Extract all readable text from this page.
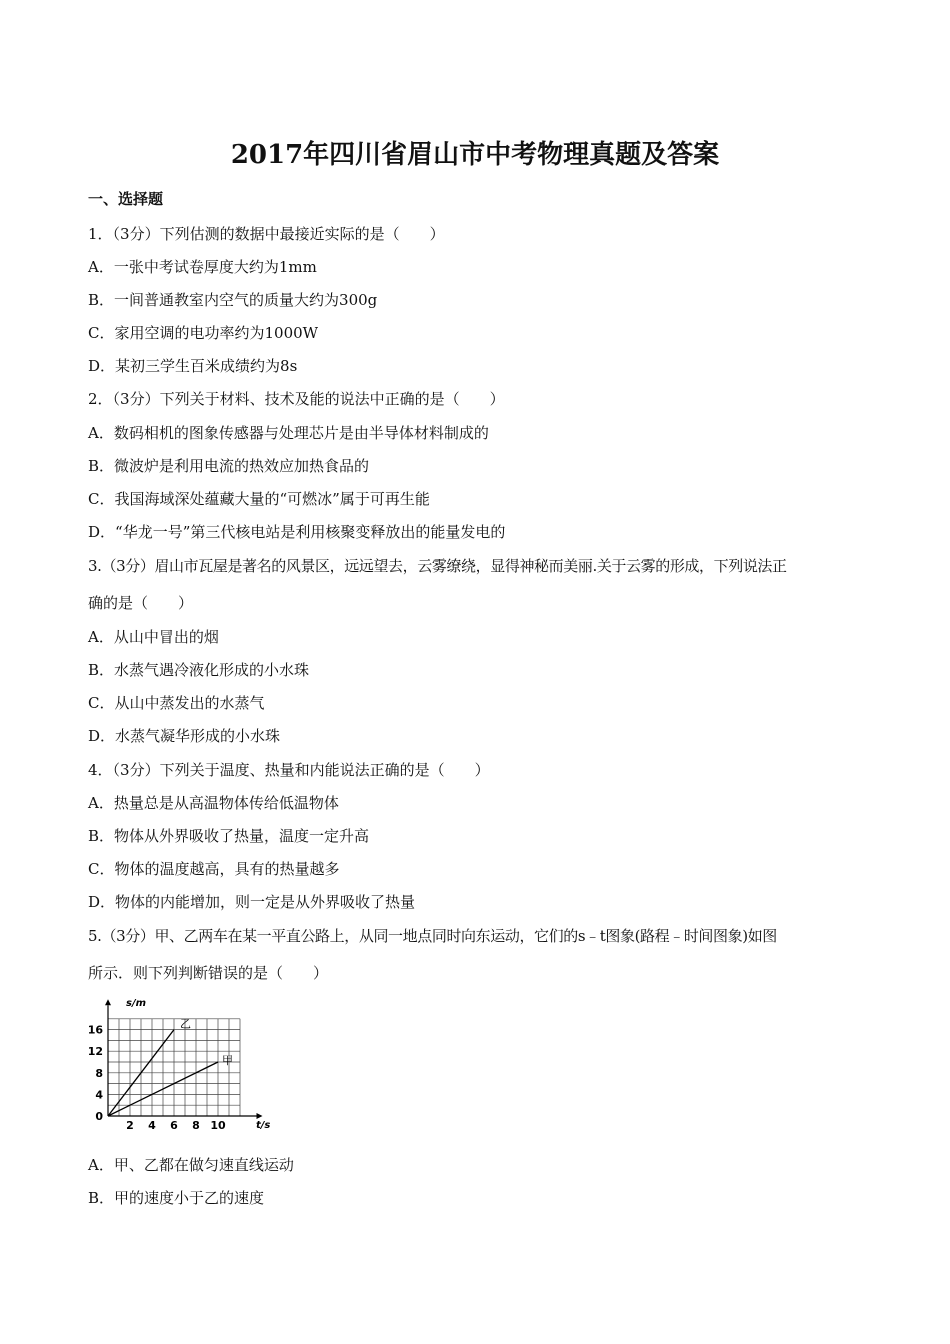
2017年四川省眉山市中考物理真题及答案
一、选择题
1．（3分）下列估测的数据中最接近实际的是（　　）
A．一张中考试卷厚度大约为1mm
B．一间普通教室内空气的质量大约为300g
C．家用空调的电功率约为1000W
D．某初三学生百米成绩约为8s
2．（3分）下列关于材料、技术及能的说法中正确的是（　　）
A．数码相机的图象传感器与处理芯片是由半导体材料制成的
B．微波炉是利用电流的热效应加热食品的
C．我国海域深处蕴藏大量的“可燃冰”属于可再生能
D．“华龙一号”第三代核电站是利用核聚变释放出的能量发电的
3.（3分）眉山市瓦屋是著名的风景区，远远望去，云雾缭绕，显得神秘而美丽.关于云雾的形成，下列说法正
确的是（　　）
A．从山中冒出的烟
B．水蒸气遇冷液化形成的小水珠
C．从山中蒸发出的水蒸气
D．水蒸气凝华形成的小水珠
4．（3分）下列关于温度、热量和内能说法正确的是（　　）
A．热量总是从高温物体传给低温物体
B．物体从外界吸收了热量，温度一定升高
C．物体的温度越高，具有的热量越多
D．物体的内能增加，则一定是从外界吸收了热量
5.（3分）甲、乙两车在某一平直公路上，从同一地点同时向东运动，它们的s﹣t图象(路程﹣时间图象)如图
所示．则下列判断错误的是（　　）
A．甲、乙都在做匀速直线运动
B．甲的速度小于乙的速度
2 4 6 8 10
0
4
8
12
16	乙
甲
s/m
t/s
